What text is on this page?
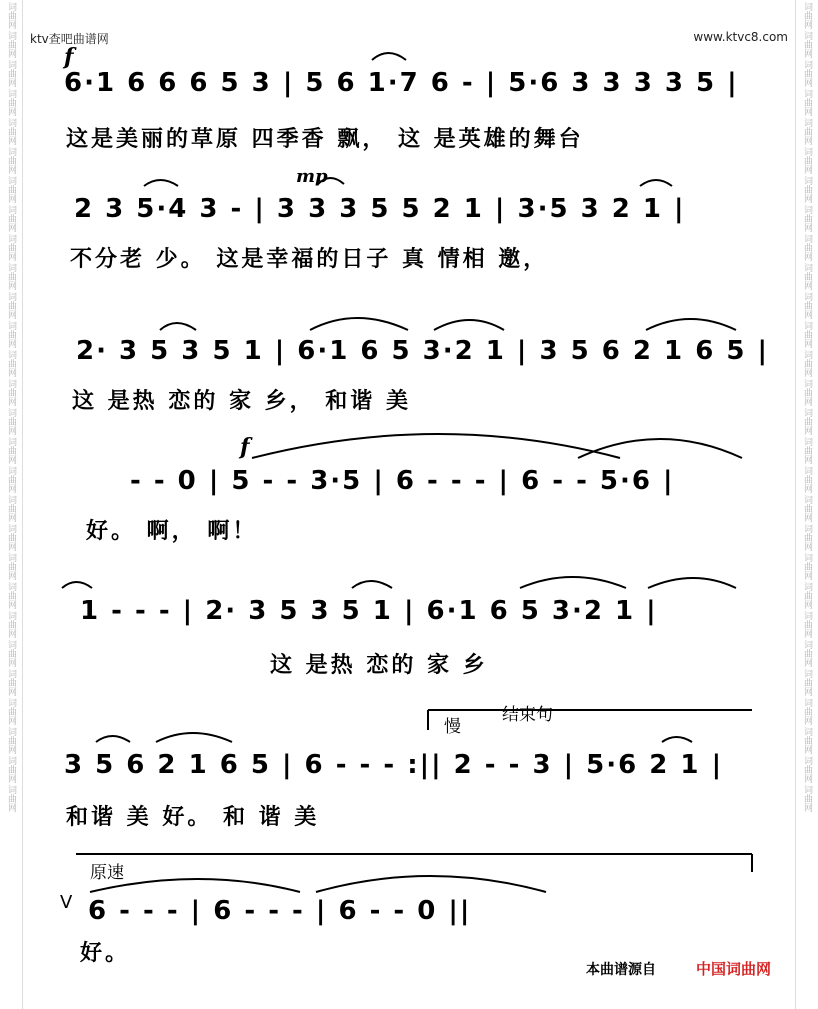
词曲网
词曲网
词曲网
词曲网
词曲网
词曲网
词曲网
词曲网
词曲网
词曲网
词曲网
词曲网
词曲网
词曲网
词曲网
词曲网
词曲网
词曲网
词曲网
词曲网
词曲网
词曲网
词曲网
词曲网
词曲网
词曲网
词曲网
词曲网
词曲网
词曲网
词曲网
词曲网
词曲网
词曲网
词曲网
词曲网
词曲网
词曲网
词曲网
词曲网
词曲网
词曲网
词曲网
词曲网
词曲网
词曲网
词曲网
词曲网
词曲网
词曲网
词曲网
词曲网
词曲网
词曲网
词曲网
词曲网
ktv查吧曲谱网	www.ktvc8.com
f
mp
f
慢
结束句
原速
V
6·1 6 6 6 5 3 | 5 6 1·7 6 - | 5·6 3 3 3 3 5 |
这是美丽的草原 四季香 飘， 这 是英雄的舞台
2 3 5·4 3 - | 3 3 3 5 5 2 1 | 3·5 3 2 1 |
不分老 少。 这是幸福的日子 真 情相 邀，
2· 3 5 3 5 1 | 6·1 6 5 3·2 1 | 3 5 6 2 1 6 5 |
这 是热 恋的 家 乡， 和谐 美
- - 0 | 5 - - 3·5 | 6 - - - | 6 - - 5·6 |
好。 啊， 啊！
1 - - - | 2· 3 5 3 5 1 | 6·1 6 5 3·2 1 |
这 是热 恋的 家 乡
3 5 6 2 1 6 5 | 6 - - - :|| 2 - - 3 | 5·6 2 1 |
和谐 美 好。 和 谐 美
6 - - - | 6 - - - | 6 - - 0 ||
好。
本曲谱源自	中国词曲网
